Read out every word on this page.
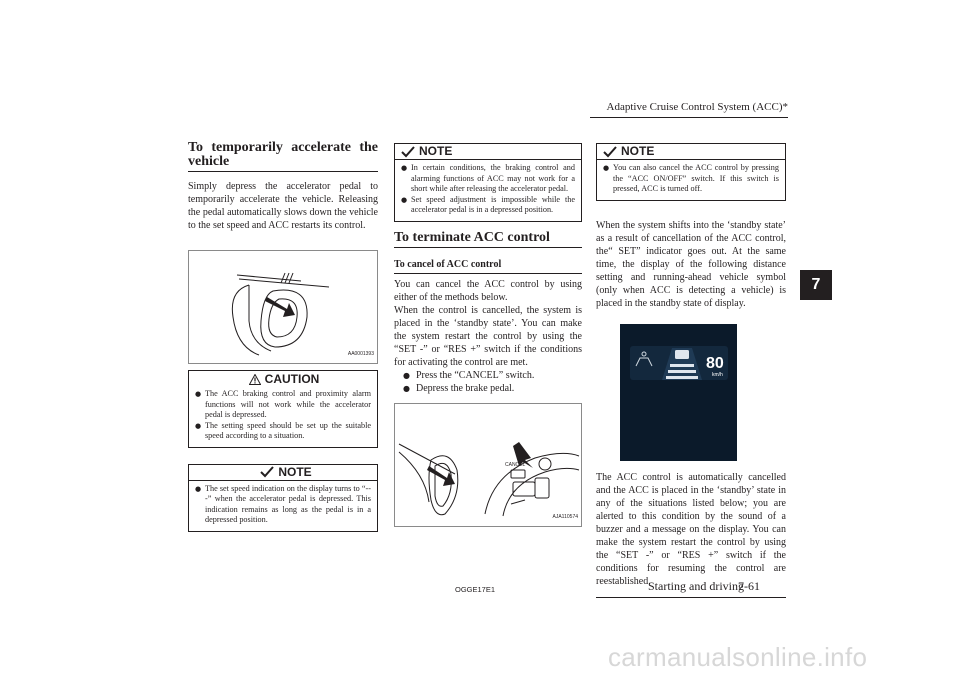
Adaptive Cruise Control System (ACC)*
7
To temporarily accelerate the
vehicle

Simply depress the accelerator pedal to temporarily accelerate the vehicle. Releasing the pedal automatically slows down the vehicle to the set speed and ACC restarts its control.

AA0001393
CAUTION
● The ACC braking control and proximity alarm functions will not work while the accelerator pedal is depressed.
● The setting speed should be set up the suitable speed according to a situation.
NOTE
● The set speed indication on the display turns to “---” when the accelerator pedal is depressed. This indication remains as long as the pedal is in a depressed position.
NOTE
● In certain conditions, the braking control and alarming functions of ACC may not work for a short while after releasing the accelerator pedal.
● Set speed adjustment is impossible while the accelerator pedal is in a depressed position.
To terminate ACC control
To cancel of ACC control

You can cancel the ACC control by using either of the methods below.
When the control is cancelled, the system is placed in the ‘standby state’. You can make the system restart the control by using the “SET -” or “RES +” switch if the conditions for activating the control are met.

● Press the “CANCEL” switch.
● Depress the brake pedal.
CANCEL
AJA110574
NOTE
● You can also cancel the ACC control by pressing the “ACC ON/OFF” switch. If this switch is pressed, ACC is turned off.

When the system shifts into the ‘standby state’ as a result of cancellation of the ACC control, the“ SET” indicator goes out. At the same time, the display of the following distance setting and running-ahead vehicle symbol (only when ACC is detecting a vehicle) is placed in the standby state of display.

80
km/h

The ACC control is automatically cancelled and the ACC is placed in the ‘standby’ state in any of the situations listed below; you are alerted to this condition by the sound of a buzzer and a message on the display. You can make the system restart the control by using the “SET -” or “RES +” switch if the conditions for resuming the control are reestablished.

OGGE17E1	Starting and driving
7-61
carmanualsonline.info
